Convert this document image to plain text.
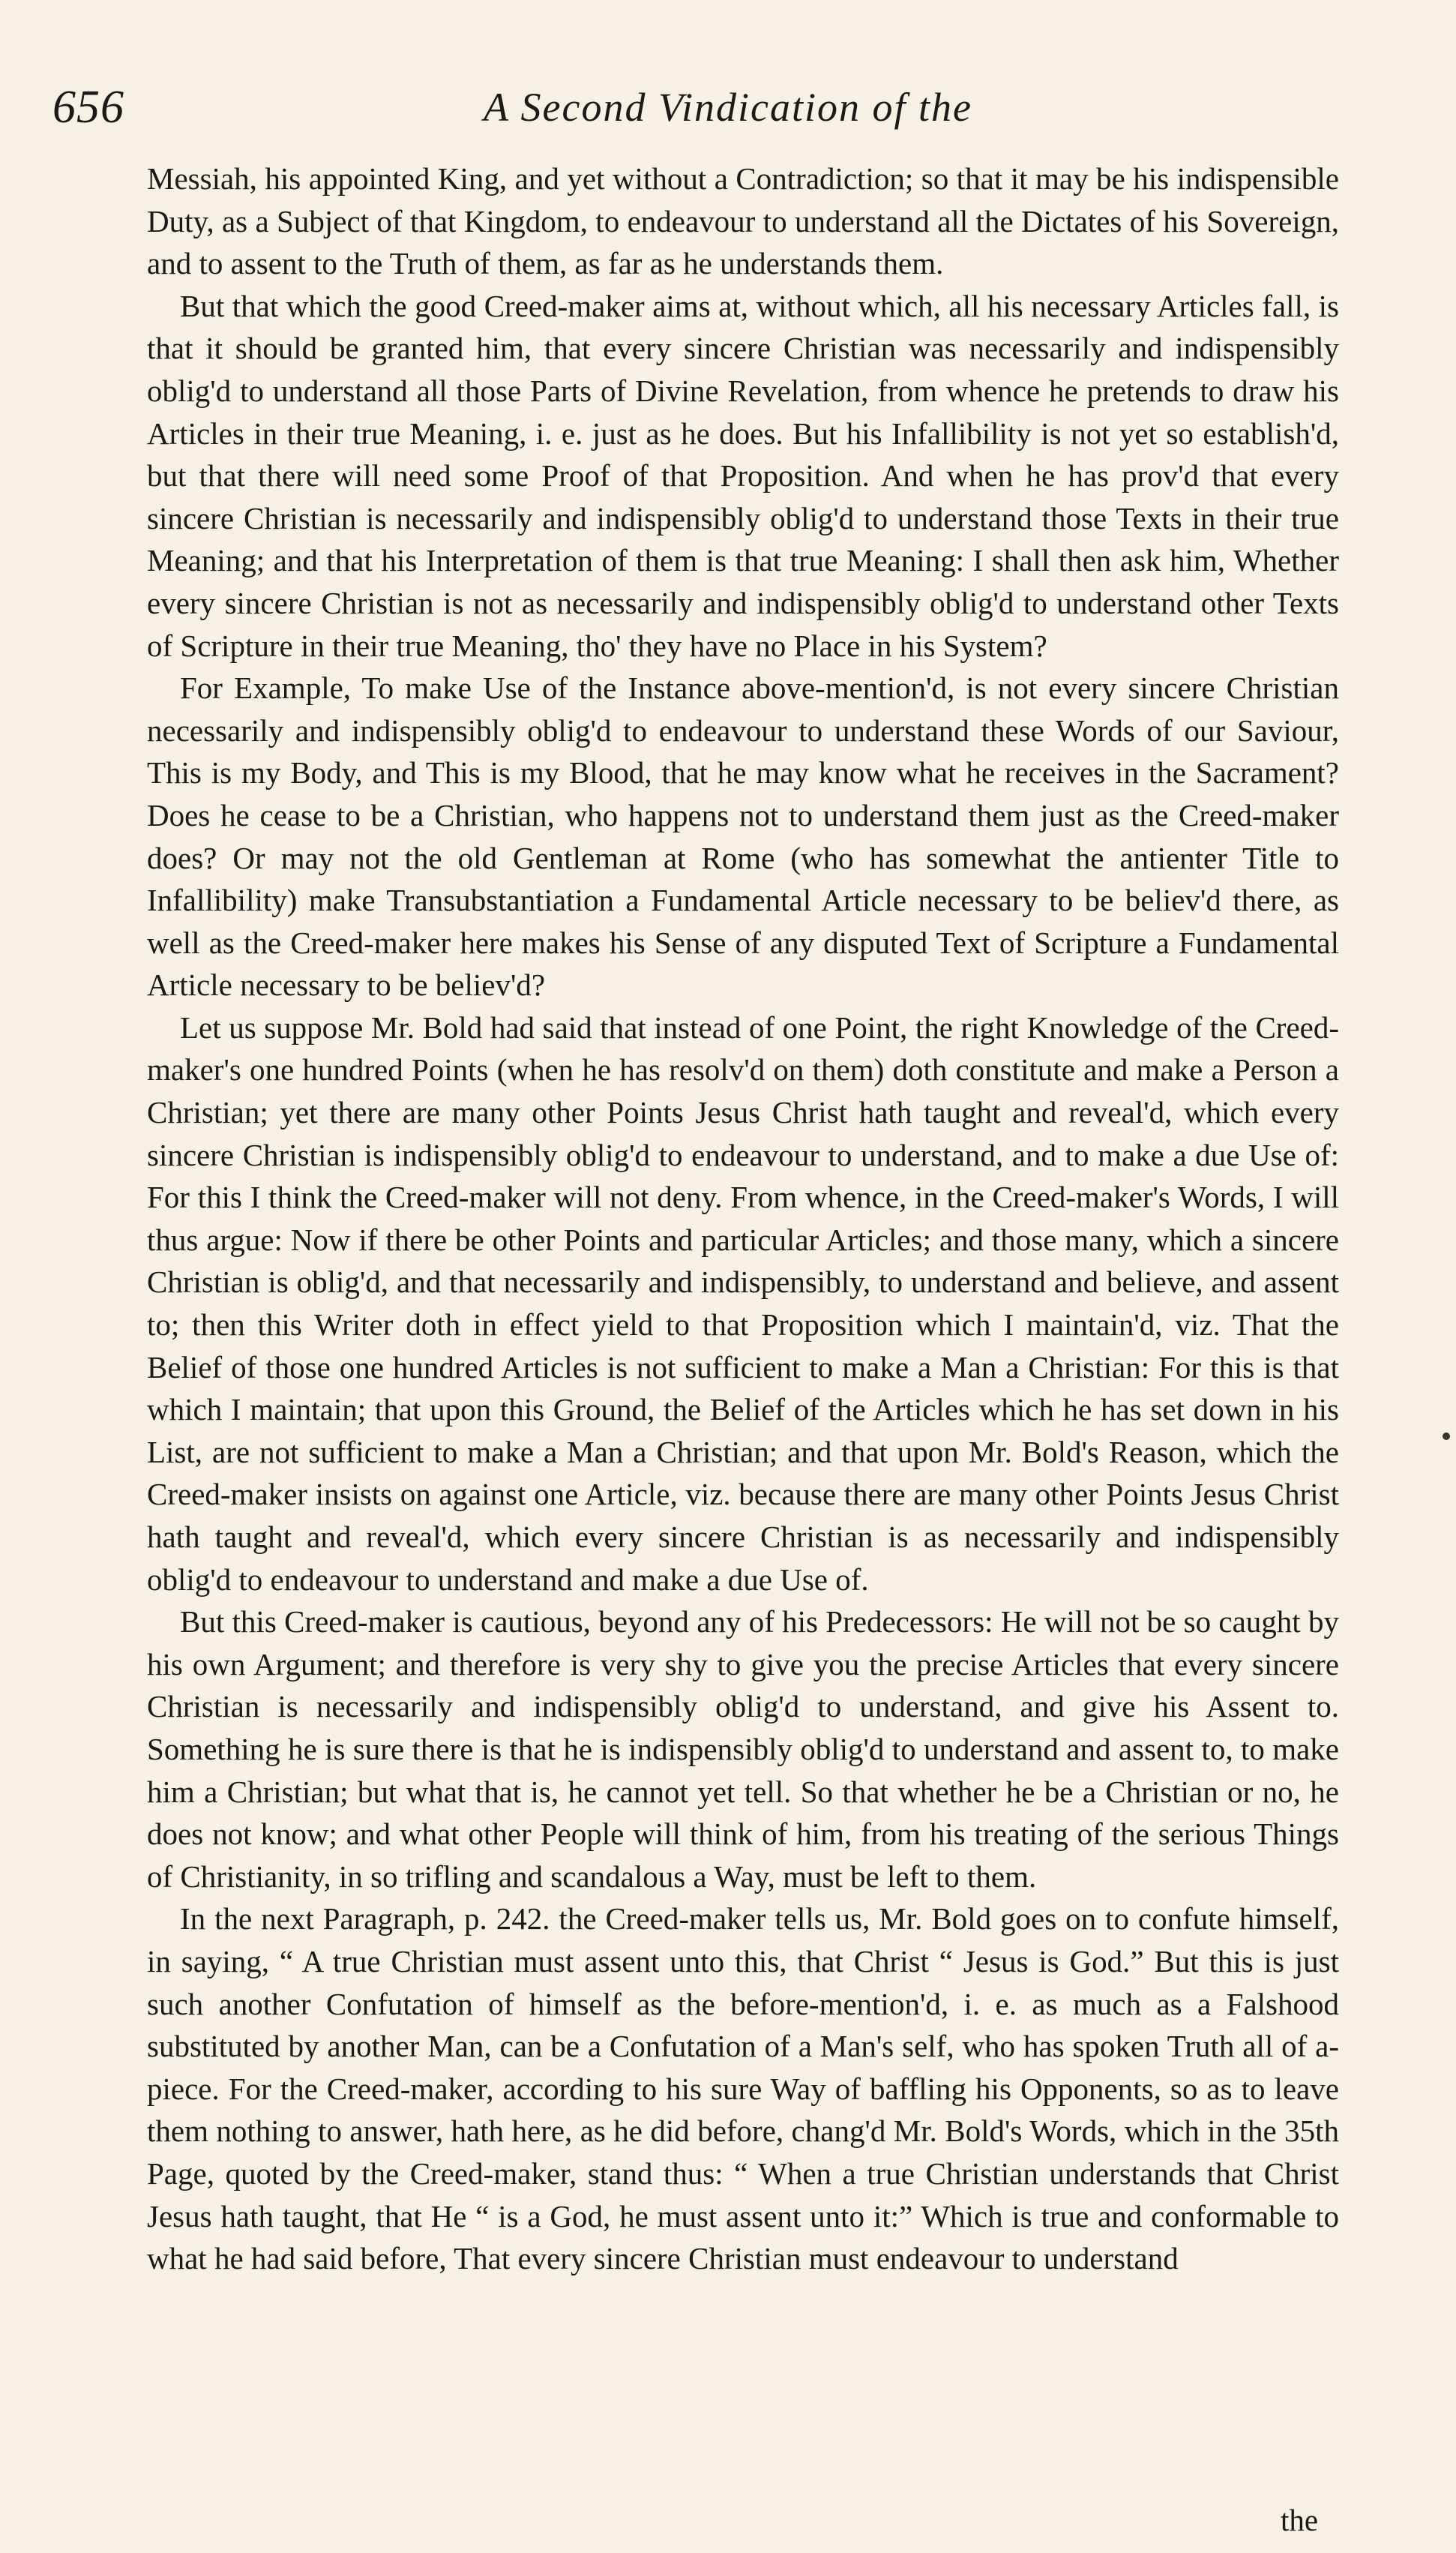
656	A Second Vindication of the

Messiah, his appointed King, and yet without a Contradiction; so that it may be his indispensible Duty, as a Subject of that Kingdom, to endeavour to understand all the Dictates of his Sovereign, and to assent to the Truth of them, as far as he understands them.

But that which the good Creed-maker aims at, without which, all his necessary Articles fall, is that it should be granted him, that every sincere Christian was necessarily and indispensibly oblig'd to understand all those Parts of Divine Revelation, from whence he pretends to draw his Articles in their true Meaning, i. e. just as he does. But his Infallibility is not yet so establish'd, but that there will need some Proof of that Proposition. And when he has prov'd that every sincere Christian is necessarily and indispensibly oblig'd to understand those Texts in their true Meaning; and that his Interpretation of them is that true Meaning: I shall then ask him, Whether every sincere Christian is not as necessarily and indispensibly oblig'd to understand other Texts of Scripture in their true Meaning, tho' they have no Place in his System?

For Example, To make Use of the Instance above-mention'd, is not every sincere Christian necessarily and indispensibly oblig'd to endeavour to understand these Words of our Saviour, This is my Body, and This is my Blood, that he may know what he receives in the Sacrament? Does he cease to be a Christian, who happens not to understand them just as the Creed-maker does? Or may not the old Gentleman at Rome (who has somewhat the antienter Title to Infallibility) make Transubstantiation a Fundamental Article necessary to be believ'd there, as well as the Creed-maker here makes his Sense of any disputed Text of Scripture a Fundamental Article necessary to be believ'd?

Let us suppose Mr. Bold had said that instead of one Point, the right Knowledge of the Creed-maker's one hundred Points (when he has resolv'd on them) doth constitute and make a Person a Christian; yet there are many other Points Jesus Christ hath taught and reveal'd, which every sincere Christian is indispensibly oblig'd to endeavour to understand, and to make a due Use of: For this I think the Creed-maker will not deny. From whence, in the Creed-maker's Words, I will thus argue: Now if there be other Points and particular Articles; and those many, which a sincere Christian is oblig'd, and that necessarily and indispensibly, to understand and believe, and assent to; then this Writer doth in effect yield to that Proposition which I maintain'd, viz. That the Belief of those one hundred Articles is not sufficient to make a Man a Christian: For this is that which I maintain; that upon this Ground, the Belief of the Articles which he has set down in his List, are not sufficient to make a Man a Christian; and that upon Mr. Bold's Reason, which the Creed-maker insists on against one Article, viz. because there are many other Points Jesus Christ hath taught and reveal'd, which every sincere Christian is as necessarily and indispensibly oblig'd to endeavour to understand and make a due Use of.

But this Creed-maker is cautious, beyond any of his Predecessors: He will not be so caught by his own Argument; and therefore is very shy to give you the precise Articles that every sincere Christian is necessarily and indispensibly oblig'd to understand, and give his Assent to. Something he is sure there is that he is indispensibly oblig'd to understand and assent to, to make him a Christian; but what that is, he cannot yet tell. So that whether he be a Christian or no, he does not know; and what other People will think of him, from his treating of the serious Things of Christianity, in so trifling and scandalous a Way, must be left to them.

In the next Paragraph, p. 242. the Creed-maker tells us, Mr. Bold goes on to confute himself, in saying, “ A true Christian must assent unto this, that Christ “ Jesus is God.” But this is just such another Confutation of himself as the before-mention'd, i. e. as much as a Falshood substituted by another Man, can be a Confutation of a Man's self, who has spoken Truth all of a-piece. For the Creed-maker, according to his sure Way of baffling his Opponents, so as to leave them nothing to answer, hath here, as he did before, chang'd Mr. Bold's Words, which in the 35th Page, quoted by the Creed-maker, stand thus: “ When a true Christian understands that Christ Jesus hath taught, that He “ is a God, he must assent unto it:” Which is true and conformable to what he had said before, That every sincere Christian must endeavour to understand

the
